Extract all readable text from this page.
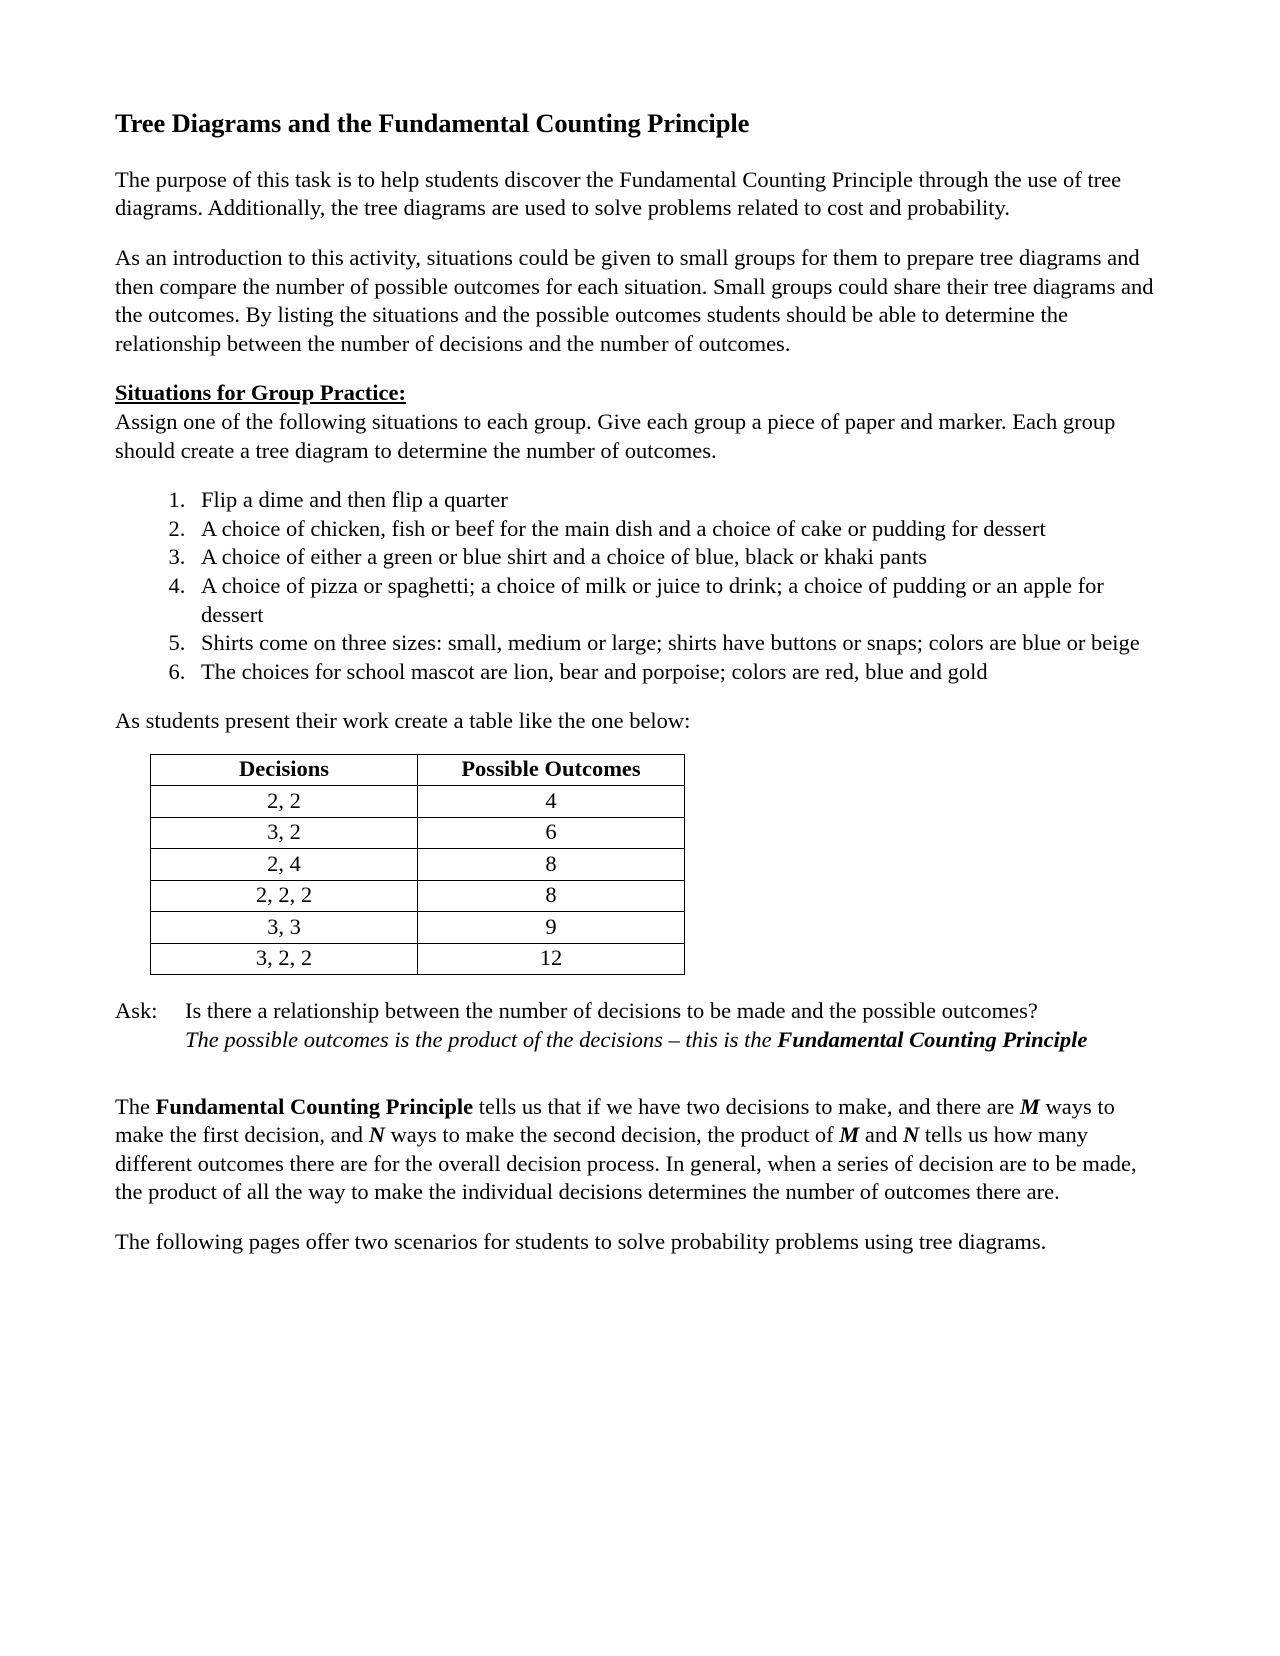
Tree Diagrams and the Fundamental Counting Principle

The purpose of this task is to help students discover the Fundamental Counting Principle through the use of tree diagrams. Additionally, the tree diagrams are used to solve problems related to cost and probability.

As an introduction to this activity, situations could be given to small groups for them to prepare tree diagrams and then compare the number of possible outcomes for each situation. Small groups could share their tree diagrams and the outcomes. By listing the situations and the possible outcomes students should be able to determine the relationship between the number of decisions and the number of outcomes.

Situations for Group Practice:
Assign one of the following situations to each group. Give each group a piece of paper and marker. Each group should create a tree diagram to determine the number of outcomes.
1. Flip a dime and then flip a quarter
2. A choice of chicken, fish or beef for the main dish and a choice of cake or pudding for dessert
3. A choice of either a green or blue shirt and a choice of blue, black or khaki pants
4. A choice of pizza or spaghetti; a choice of milk or juice to drink; a choice of pudding or an apple for dessert
5. Shirts come on three sizes: small, medium or large; shirts have buttons or snaps; colors are blue or beige
6. The choices for school mascot are lion, bear and porpoise; colors are red, blue and gold

As students present their work create a table like the one below:

Decisions	Possible Outcomes
2, 2	4
3, 2	6
2, 4	8
2, 2, 2	8
3, 3	9
3, 2, 2	12
Ask:	Is there a relationship between the number of decisions to be made and the possible outcomes?
The possible outcomes is the product of the decisions – this is the Fundamental Counting Principle

The Fundamental Counting Principle tells us that if we have two decisions to make, and there are M ways to make the first decision, and N ways to make the second decision, the product of M and N tells us how many different outcomes there are for the overall decision process. In general, when a series of decision are to be made, the product of all the way to make the individual decisions determines the number of outcomes there are.

The following pages offer two scenarios for students to solve probability problems using tree diagrams.
